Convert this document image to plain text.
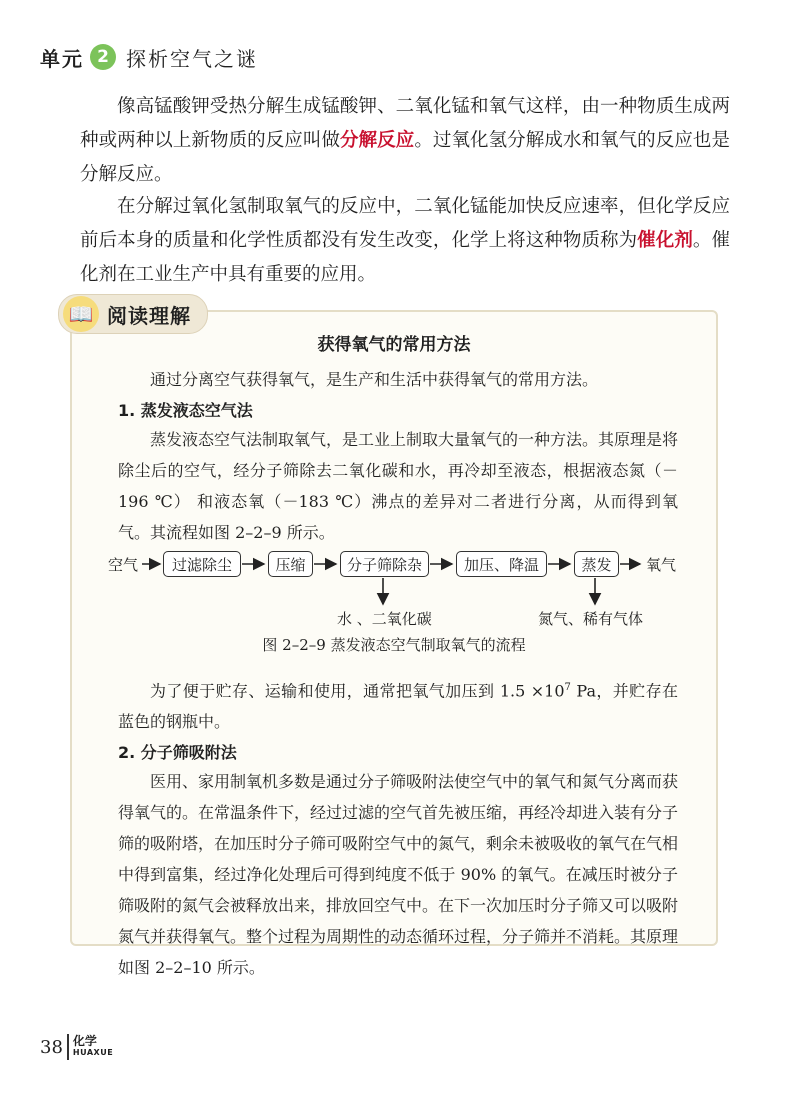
单元 2 探析空气之谜

像高锰酸钾受热分解生成锰酸钾、二氧化锰和氧气这样，由一种物质生成两种或两种以上新物质的反应叫做分解反应。过氧化氢分解成水和氧气的反应也是分解反应。

在分解过氧化氢制取氧气的反应中，二氧化锰能加快反应速率，但化学反应前后本身的质量和化学性质都没有发生改变，化学上将这种物质称为催化剂。催化剂在工业生产中具有重要的应用。

获得氧气的常用方法

通过分离空气获得氧气，是生产和生活中获得氧气的常用方法。

1. 蒸发液态空气法

蒸发液态空气法制取氧气，是工业上制取大量氧气的一种方法。其原理是将除尘后的空气，经分子筛除去二氧化碳和水，再冷却至液态，根据液态氮（－196 ℃） 和液态氧（－183 ℃）沸点的差异对二者进行分离，从而得到氧气。其流程如图 2–2–9 所示。

空气	过滤除尘	压缩	分子筛除杂	加压、降温	蒸发	氧气
水 、二氧化碳	氮气、稀有气体
图 2–2–9 蒸发液态空气制取氧气的流程

为了便于贮存、运输和使用，通常把氧气加压到 $1.5 \times 10^7$ Pa，并贮存在蓝色的钢瓶中。

2. 分子筛吸附法

医用、家用制氧机多数是通过分子筛吸附法使空气中的氧气和氮气分离而获得氧气的。在常温条件下，经过过滤的空气首先被压缩，再经冷却进入装有分子筛的吸附塔，在加压时分子筛可吸附空气中的氮气，剩余未被吸收的氧气在气相中得到富集，经过净化处理后可得到纯度不低于 90% 的氧气。在减压时被分子筛吸附的氮气会被释放出来，排放回空气中。在下一次加压时分子筛又可以吸附氮气并获得氧气。整个过程为周期性的动态循环过程，分子筛并不消耗。其原理如图 2–2–10 所示。

📖 阅读理解
38 化学
HUAXUE
